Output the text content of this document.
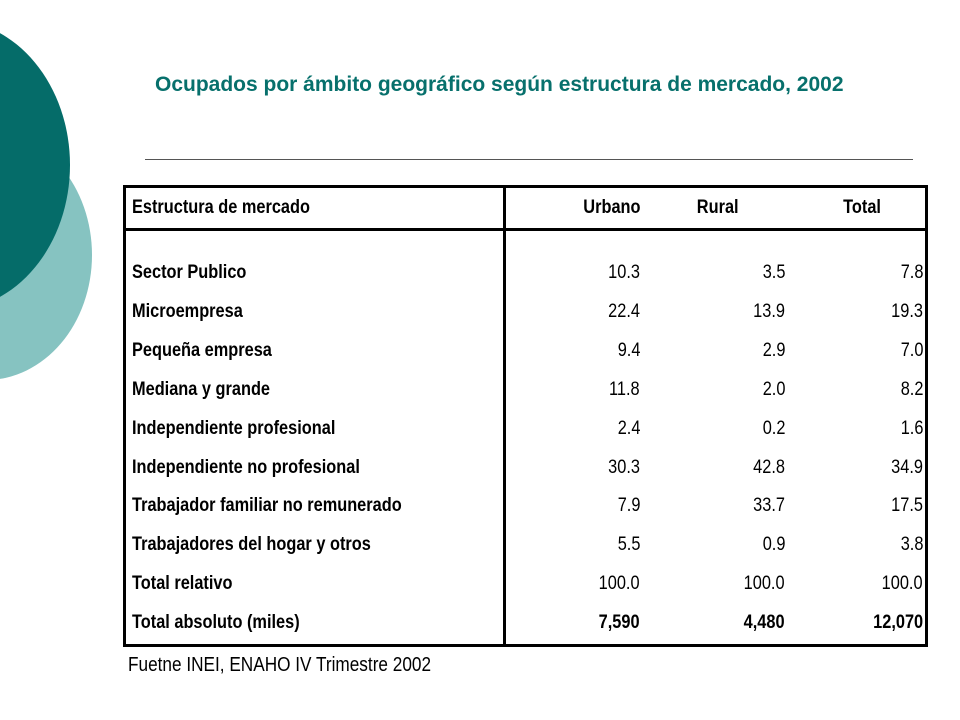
Ocupados por ámbito geográfico según estructura de mercado, 2002
Estructura de mercado	Urbano	Rural	Total
Sector Publico	10.3	3.5	7.8
Microempresa	22.4	13.9	19.3
Pequeña empresa	9.4	2.9	7.0
Mediana y grande	11.8	2.0	8.2
Independiente profesional	2.4	0.2	1.6
Independiente no profesional	30.3	42.8	34.9
Trabajador familiar no remunerado	7.9	33.7	17.5
Trabajadores del hogar y otros	5.5	0.9	3.8
Total relativo	100.0	100.0	100.0
Total absoluto (miles)	7,590	4,480	12,070
Fuetne INEI, ENAHO IV Trimestre 2002
